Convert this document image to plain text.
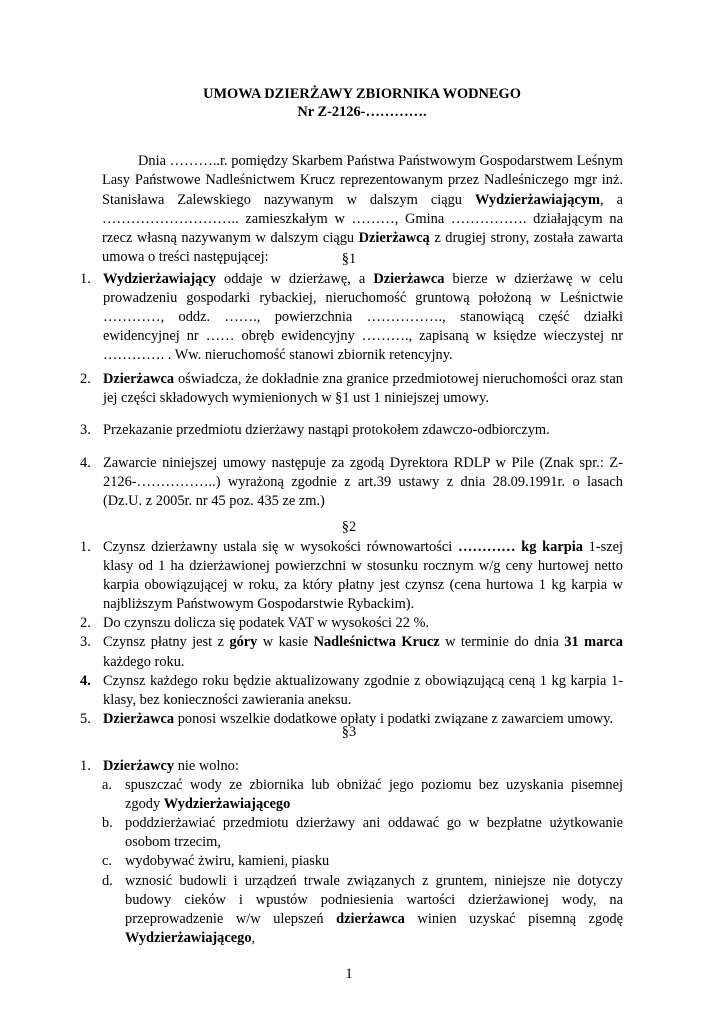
UMOWA DZIERŻAWY ZBIORNIKA WODNEGO
Nr Z-2126-………….
Dnia ………..r. pomiędzy Skarbem Państwa Państwowym Gospodarstwem Leśnym Lasy Państwowe Nadleśnictwem Krucz reprezentowanym przez Nadleśniczego mgr inż. Stanisława Zalewskiego nazywanym w dalszym ciągu Wydzierżawiającym, a ……………………….. zamieszkałym w ………, Gmina ……………. działającym na rzecz własną nazywanym w dalszym ciągu Dzierżawcą z drugiej strony, została zawarta umowa o treści następującej:	§1
1. Wydzierżawiający oddaje w dzierżawę, a Dzierżawca bierze w dzierżawę w celu prowadzeniu gospodarki rybackiej, nieruchomość gruntową położoną w Leśnictwie …………, oddz. ……., powierzchnia ……………., stanowiącą część działki ewidencyjnej nr …… obręb ewidencyjny ………., zapisaną w księdze wieczystej nr …………. . Ww. nieruchomość stanowi zbiornik retencyjny.
2. Dzierżawca oświadcza, że dokładnie zna granice przedmiotowej nieruchomości oraz stan jej części składowych wymienionych w §1 ust 1 niniejszej umowy.
3. Przekazanie przedmiotu dzierżawy nastąpi protokołem zdawczo-odbiorczym.
4. Zawarcie niniejszej umowy następuje za zgodą Dyrektora RDLP w Pile (Znak spr.: Z-2126-……………..) wyrażoną zgodnie z art.39 ustawy z dnia 28.09.1991r. o lasach (Dz.U. z 2005r. nr 45 poz. 435 ze zm.)
§2
1. Czynsz dzierżawny ustala się w wysokości równowartości ………… kg karpia 1-szej klasy od 1 ha dzierżawionej powierzchni w stosunku rocznym w/g ceny hurtowej netto karpia obowiązującej w roku, za który płatny jest czynsz (cena hurtowa 1 kg karpia w najbliższym Państwowym Gospodarstwie Rybackim).
2. Do czynszu dolicza się podatek VAT w wysokości 22 %.
3. Czynsz płatny jest z góry w kasie Nadleśnictwa Krucz w terminie do dnia 31 marca każdego roku.
4. Czynsz każdego roku będzie aktualizowany zgodnie z obowiązującą ceną 1 kg karpia 1-klasy, bez konieczności zawierania aneksu.
5. Dzierżawca ponosi wszelkie dodatkowe opłaty i podatki związane z zawarciem umowy.
§3
1. Dzierżawcy nie wolno:
a. spuszczać wody ze zbiornika lub obniżać jego poziomu bez uzyskania pisemnej zgody Wydzierżawiającego
b. poddzierżawiać przedmiotu dzierżawy ani oddawać go w bezpłatne użytkowanie osobom trzecim,
c. wydobywać żwiru, kamieni, piasku
d. wznosić budowli i urządzeń trwale związanych z gruntem, niniejsze nie dotyczy budowy cieków i wpustów podniesienia wartości dzierżawionej wody, na przeprowadzenie w/w ulepszeń dzierżawca winien uzyskać pisemną zgodę Wydzierżawiającego,
1
